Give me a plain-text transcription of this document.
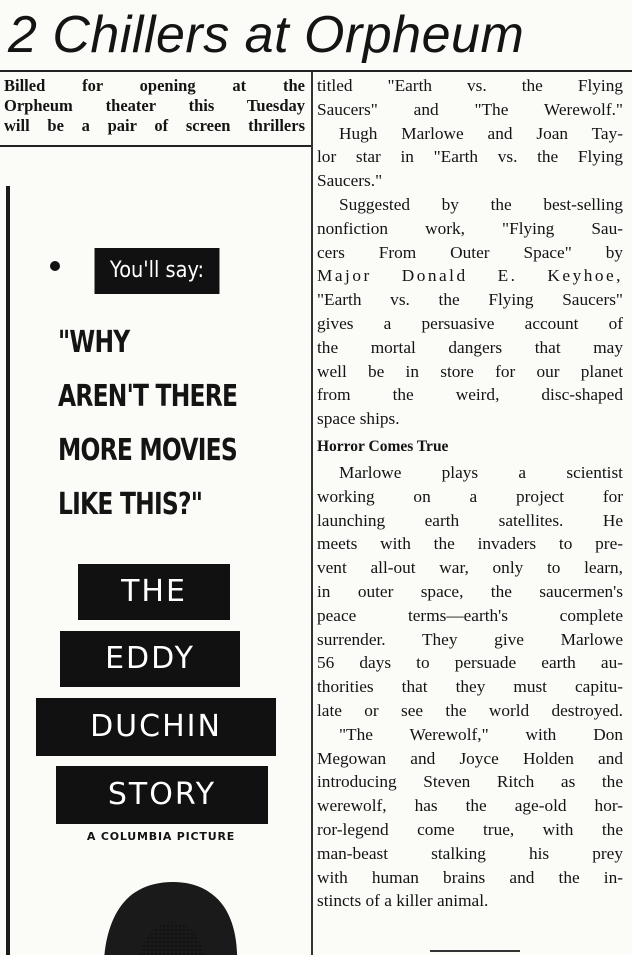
2 Chillers at Orpheum

Billed for opening at the

Orpheum theater this Tuesday

will be a pair of screen thrillers

titled "Earth vs. the Flying
Saucers" and "The Werewolf."

Hugh Marlowe and Joan Tay-
lor star in "Earth vs. the Flying
Saucers."

Suggested by the best-selling
nonfiction work, "Flying Sau-
cers From Outer Space" by
Major Donald E. Keyhoe,
"Earth vs. the Flying Saucers"
gives a persuasive account of
the mortal dangers that may
well be in store for our planet
from the weird, disc-shaped
space ships.

Horror Comes True

Marlowe plays a scientist
working on a project for
launching earth satellites. He
meets with the invaders to pre-
vent all-out war, only to learn,
in outer space, the saucermen's
peace terms—earth's complete
surrender. They give Marlowe
56 days to persuade earth au-
thorities that they must capitu-
late or see the world destroyed.

"The Werewolf," with Don
Megowan and Joyce Holden and
introducing Steven Ritch as the
werewolf, has the age-old hor-
ror-legend come true, with the
man-beast stalking his prey
with human brains and the in-
stincts of a killer animal.

You'll say:
"WHY
AREN'T THERE
MORE MOVIES
LIKE THIS?"
THE
EDDY
DUCHIN
STORY
A COLUMBIA PICTURE
